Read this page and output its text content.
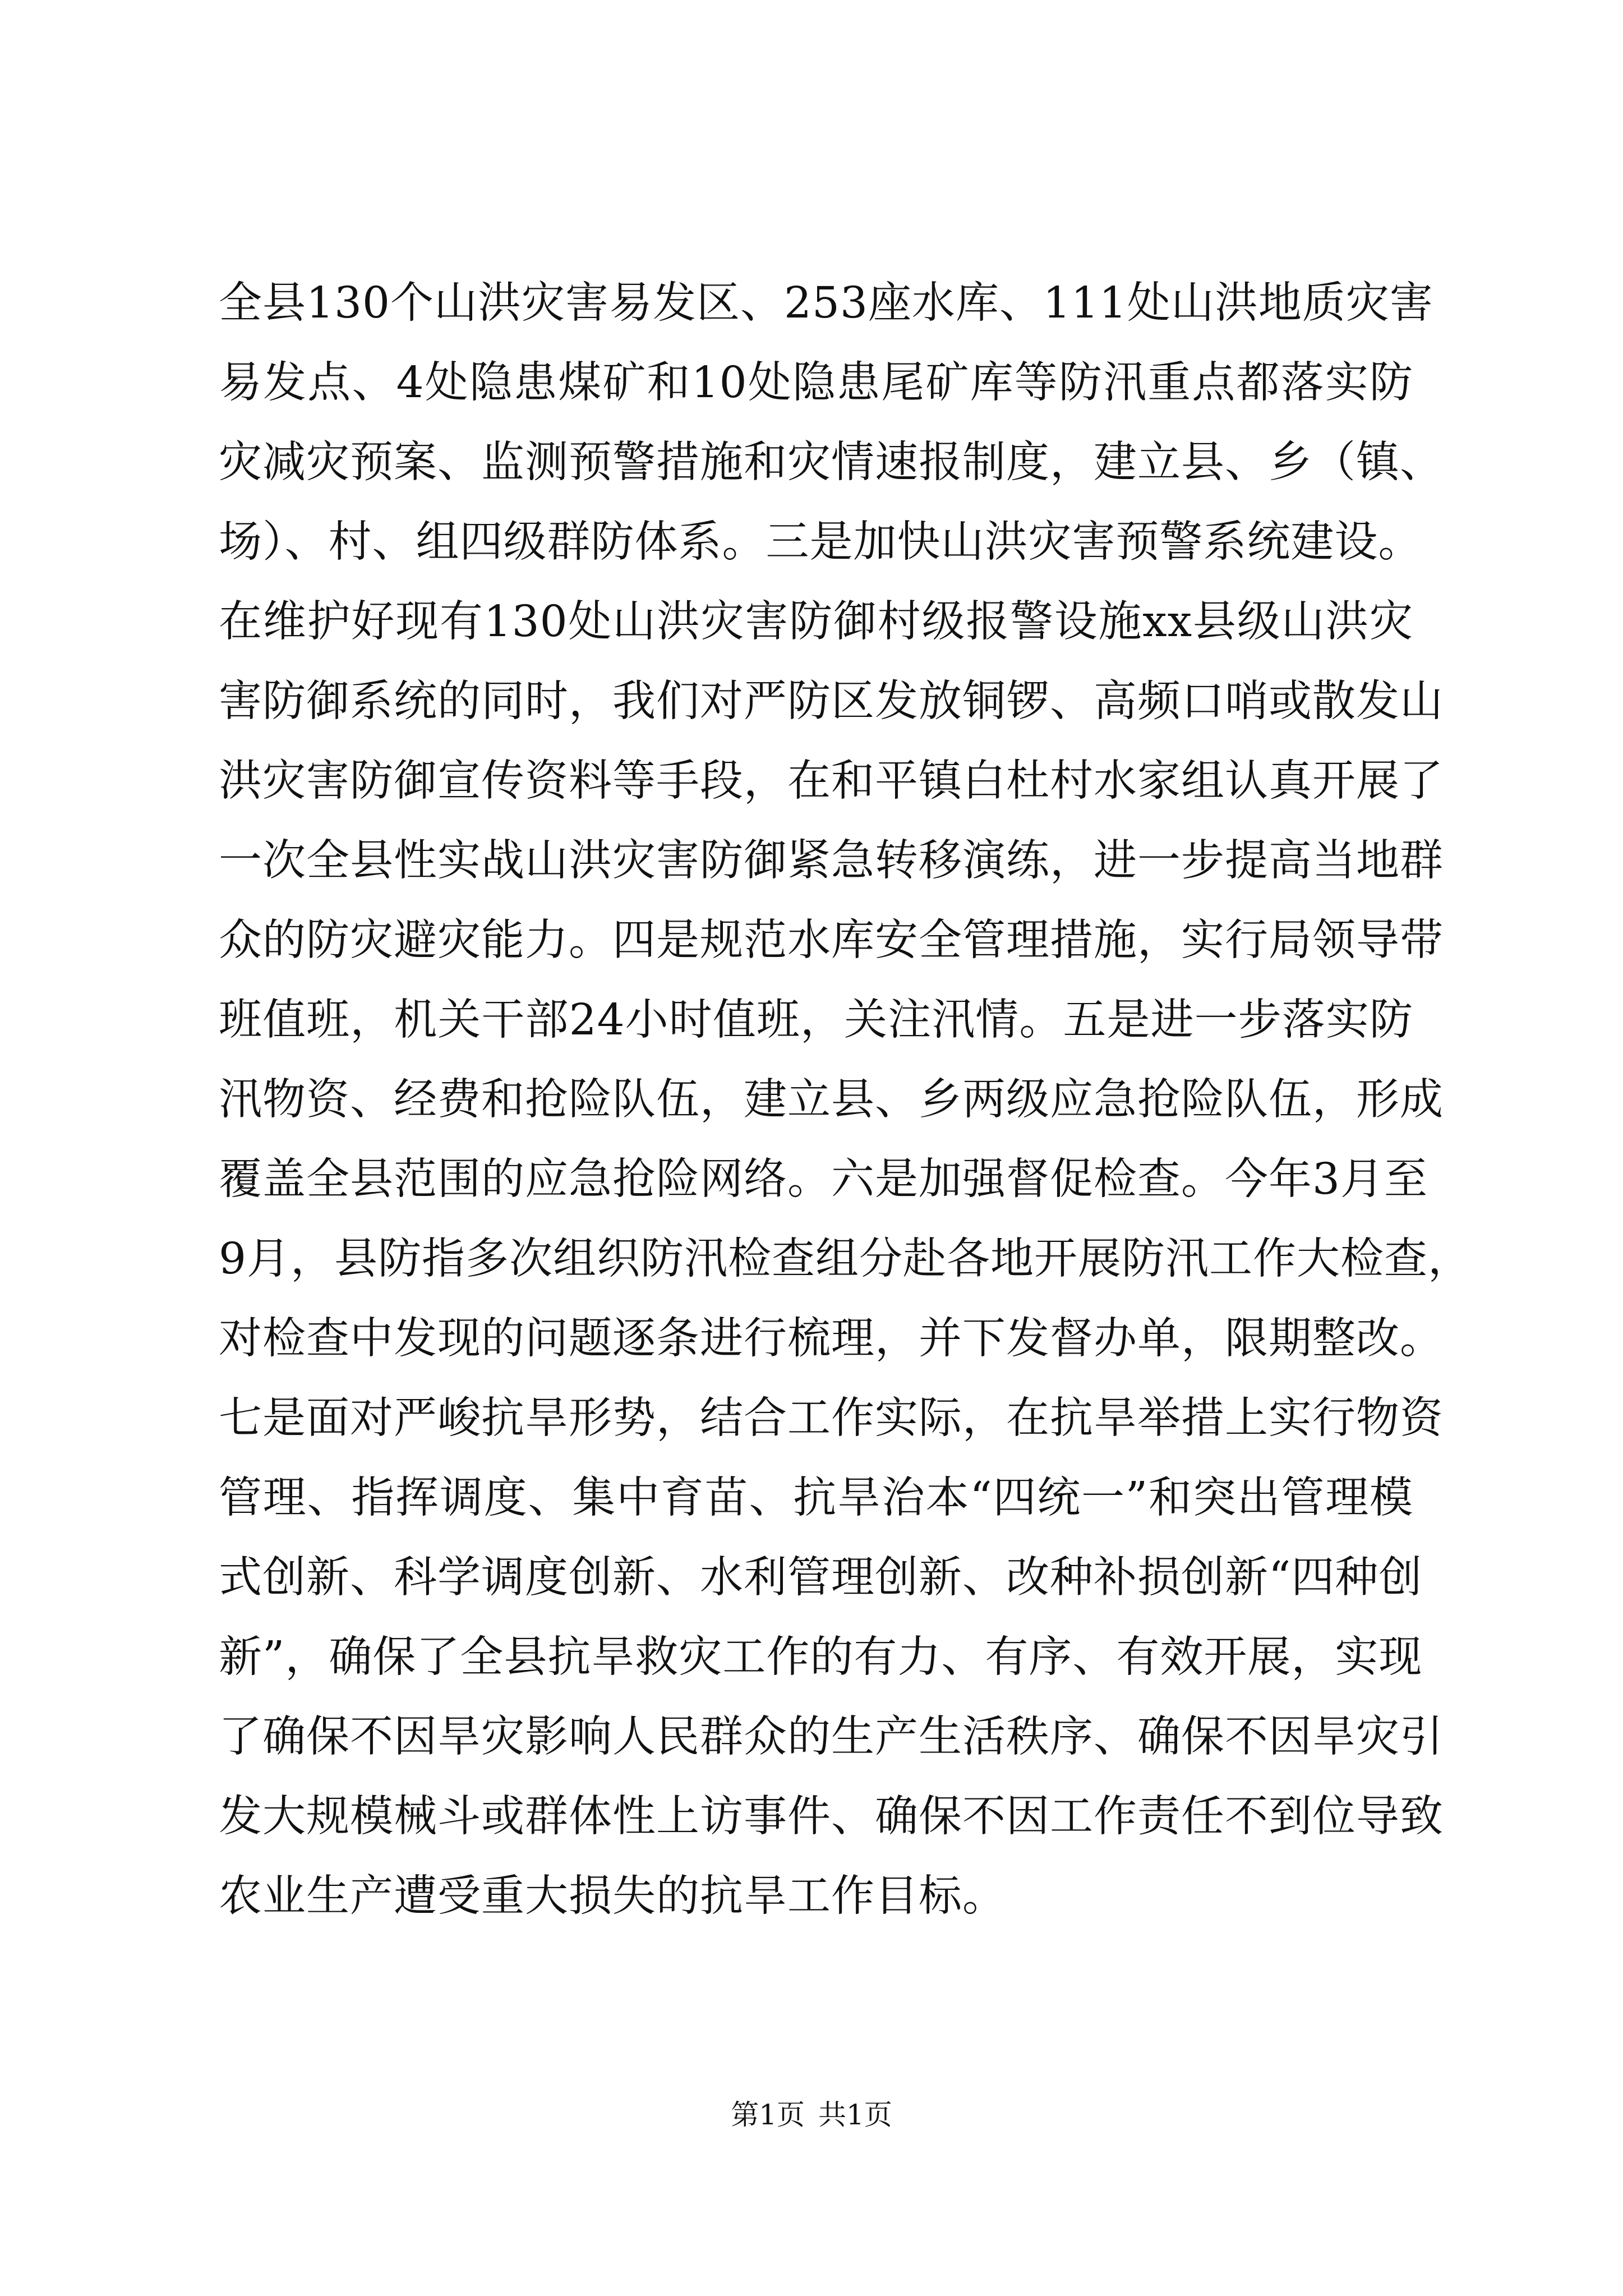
全县130个山洪灾害易发区、253座水库、111处山洪地质灾害
易发点、4处隐患煤矿和10处隐患尾矿库等防汛重点都落实防
灾减灾预案、监测预警措施和灾情速报制度，建立县、乡（镇、
场）、村、组四级群防体系。三是加快山洪灾害预警系统建设。
在维护好现有130处山洪灾害防御村级报警设施xx县级山洪灾
害防御系统的同时，我们对严防区发放铜锣、高频口哨或散发山
洪灾害防御宣传资料等手段，在和平镇白杜村水家组认真开展了
一次全县性实战山洪灾害防御紧急转移演练，进一步提高当地群
众的防灾避灾能力。四是规范水库安全管理措施，实行局领导带
班值班，机关干部24小时值班，关注汛情。五是进一步落实防
汛物资、经费和抢险队伍，建立县、乡两级应急抢险队伍，形成
覆盖全县范围的应急抢险网络。六是加强督促检查。今年3月至
9月，县防指多次组织防汛检查组分赴各地开展防汛工作大检查，
对检查中发现的问题逐条进行梳理，并下发督办单，限期整改。
七是面对严峻抗旱形势，结合工作实际，在抗旱举措上实行物资
管理、指挥调度、集中育苗、抗旱治本“四统一”和突出管理模
式创新、科学调度创新、水利管理创新、改种补损创新“四种创
新”，确保了全县抗旱救灾工作的有力、有序、有效开展，实现
了确保不因旱灾影响人民群众的生产生活秩序、确保不因旱灾引
发大规模械斗或群体性上访事件、确保不因工作责任不到位导致
农业生产遭受重大损失的抗旱工作目标。
第1页 共1页
